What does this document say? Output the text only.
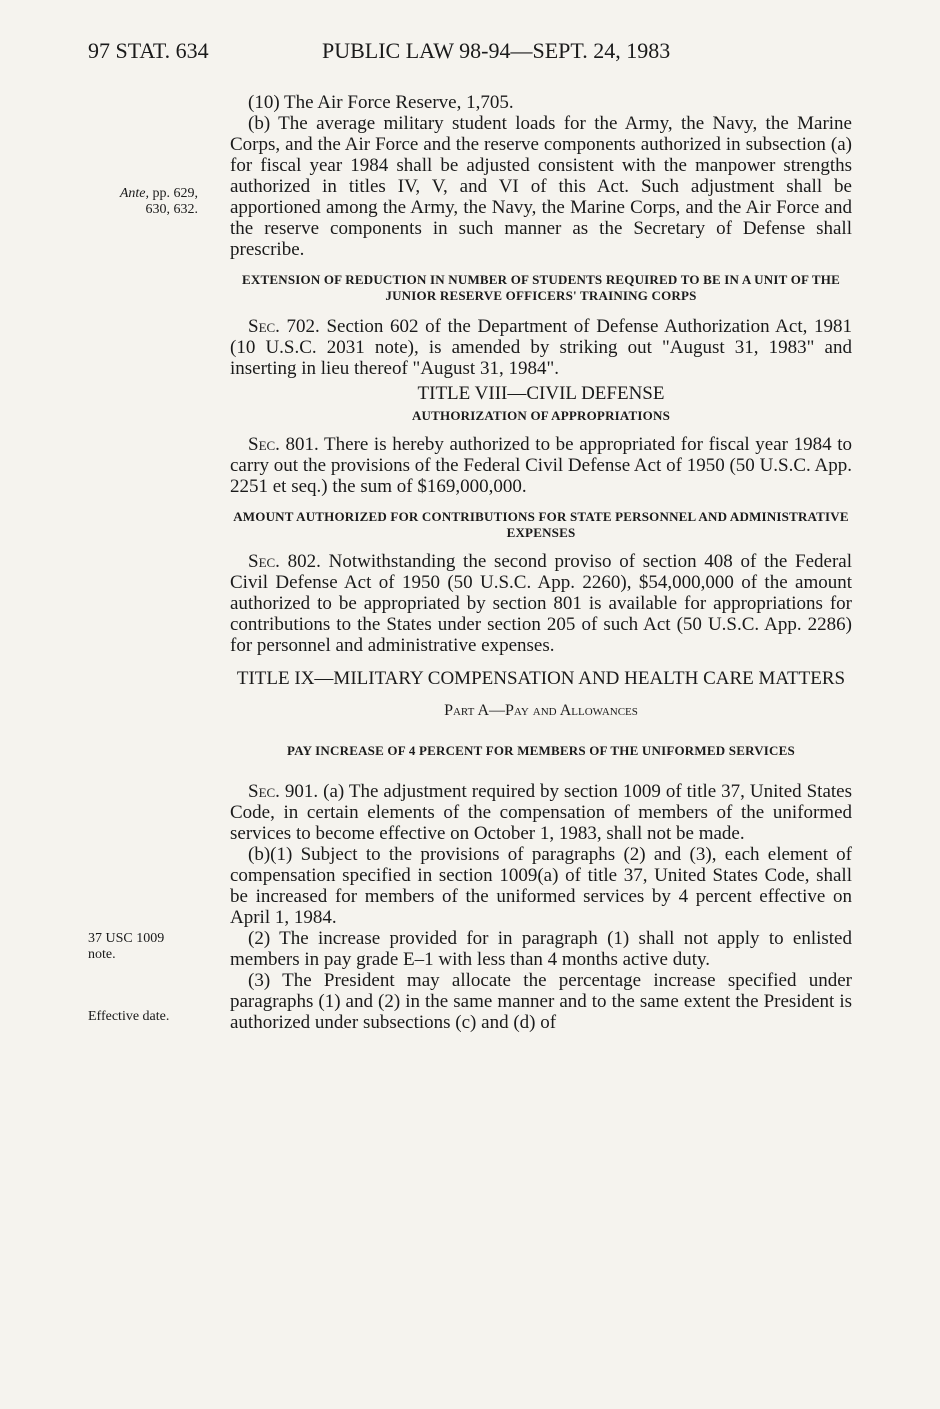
97 STAT. 634	PUBLIC LAW 98-94—SEPT. 24, 1983
Ante, pp. 629,
630, 632.
37 USC 1009
note.
Effective date.

(10) The Air Force Reserve, 1,705.

(b) The average military student loads for the Army, the Navy, the Marine Corps, and the Air Force and the reserve components authorized in subsection (a) for fiscal year 1984 shall be adjusted consistent with the manpower strengths authorized in titles IV, V, and VI of this Act. Such adjustment shall be apportioned among the Army, the Navy, the Marine Corps, and the Air Force and the reserve components in such manner as the Secretary of Defense shall prescribe.

EXTENSION OF REDUCTION IN NUMBER OF STUDENTS REQUIRED TO BE IN A UNIT OF THE JUNIOR RESERVE OFFICERS' TRAINING CORPS

Sec. 702. Section 602 of the Department of Defense Authorization Act, 1981 (10 U.S.C. 2031 note), is amended by striking out "August 31, 1983" and inserting in lieu thereof "August 31, 1984".

TITLE VIII—CIVIL DEFENSE

AUTHORIZATION OF APPROPRIATIONS

Sec. 801. There is hereby authorized to be appropriated for fiscal year 1984 to carry out the provisions of the Federal Civil Defense Act of 1950 (50 U.S.C. App. 2251 et seq.) the sum of $169,000,000.

AMOUNT AUTHORIZED FOR CONTRIBUTIONS FOR STATE PERSONNEL AND ADMINISTRATIVE EXPENSES

Sec. 802. Notwithstanding the second proviso of section 408 of the Federal Civil Defense Act of 1950 (50 U.S.C. App. 2260), $54,000,000 of the amount authorized to be appropriated by section 801 is available for appropriations for contributions to the States under section 205 of such Act (50 U.S.C. App. 2286) for personnel and administrative expenses.

TITLE IX—MILITARY COMPENSATION AND HEALTH CARE MATTERS

Part A—Pay and Allowances

PAY INCREASE OF 4 PERCENT FOR MEMBERS OF THE UNIFORMED SERVICES

Sec. 901. (a) The adjustment required by section 1009 of title 37, United States Code, in certain elements of the compensation of members of the uniformed services to become effective on October 1, 1983, shall not be made.

(b)(1) Subject to the provisions of paragraphs (2) and (3), each element of compensation specified in section 1009(a) of title 37, United States Code, shall be increased for members of the uniformed services by 4 percent effective on April 1, 1984.

(2) The increase provided for in paragraph (1) shall not apply to enlisted members in pay grade E–1 with less than 4 months active duty.

(3) The President may allocate the percentage increase specified under paragraphs (1) and (2) in the same manner and to the same extent the President is authorized under subsections (c) and (d) of
